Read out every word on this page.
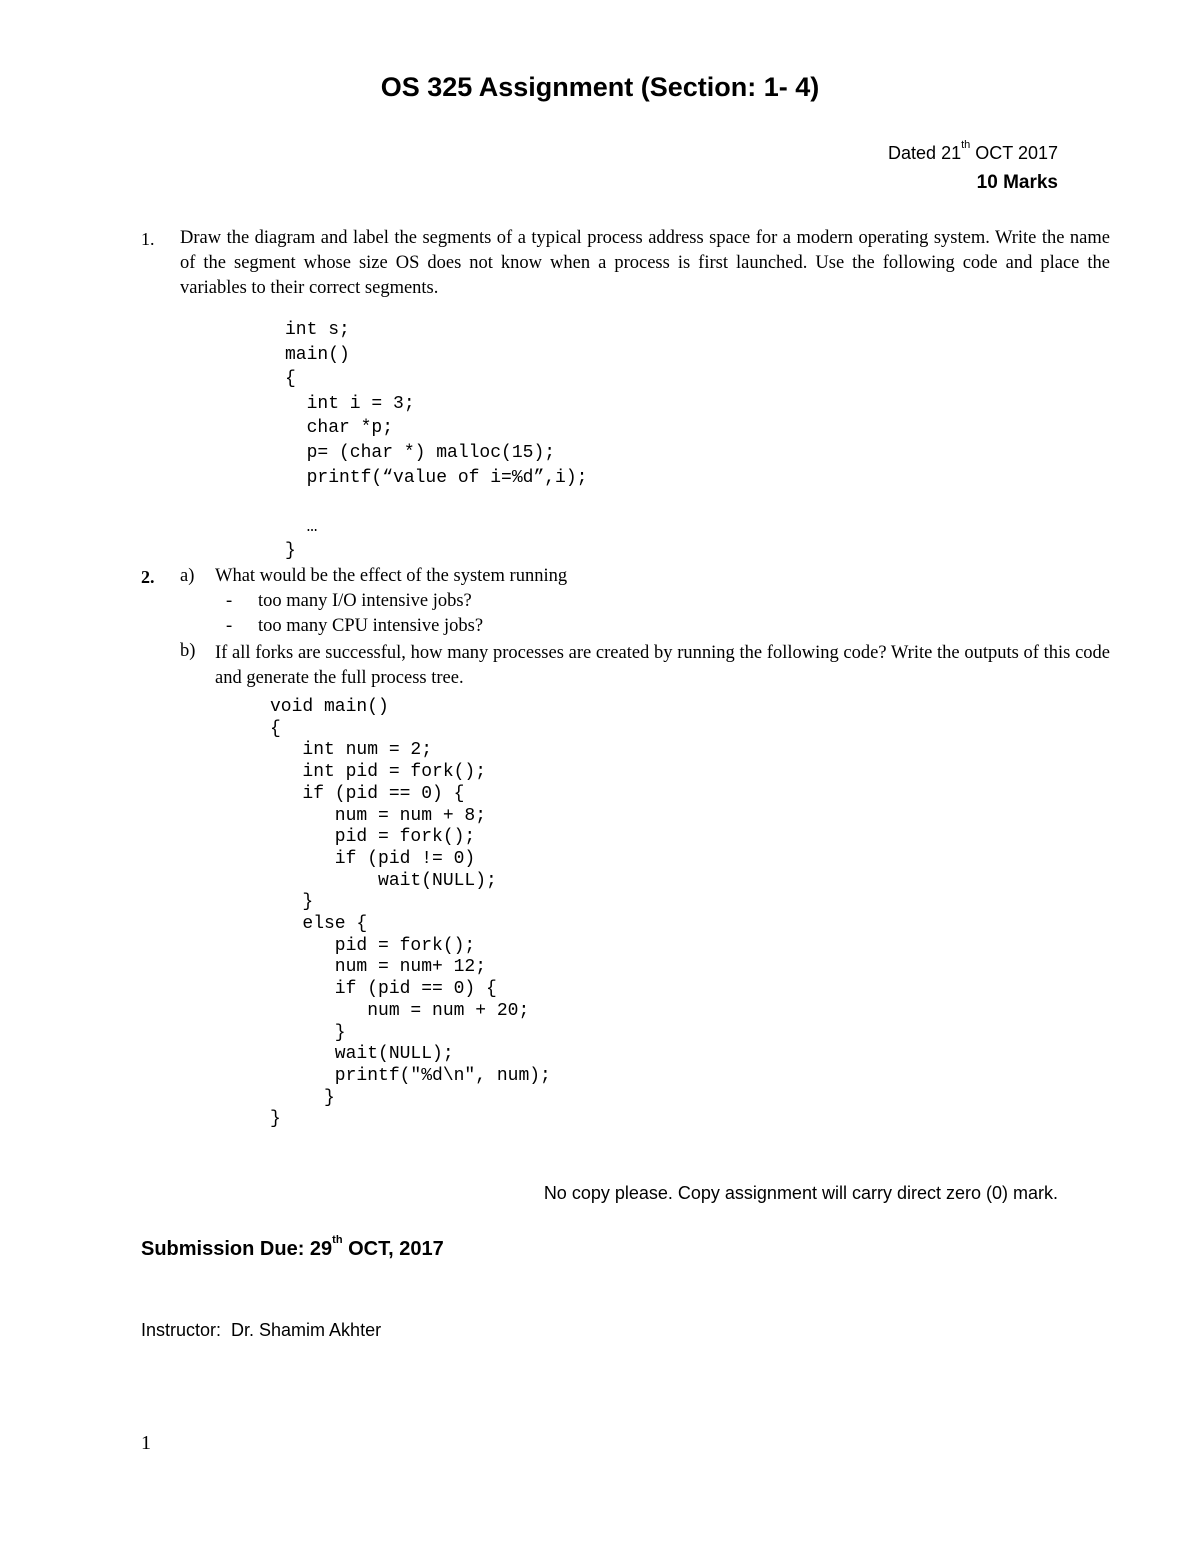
OS 325 Assignment (Section: 1- 4)
Dated 21th OCT 2017
10 Marks
1. Draw the diagram and label the segments of a typical process address space for a modern operating system. Write the name of the segment whose size OS does not know when a process is first launched. Use the following code and place the variables to their correct segments.
int s;
main()
{
int i = 3;
char *p;
p= (char *) malloc(15);
printf(“value of i=%d”,i);

…
}
2. a) What would be the effect of the system running
- too many I/O intensive jobs?
- too many CPU intensive jobs?
b) If all forks are successful, how many processes are created by running the following code? Write the outputs of this code and generate the full process tree.
void main()
{
int num = 2;
int pid = fork();
if (pid == 0) {
num = num + 8;
pid = fork();
if (pid != 0)
wait(NULL);
}
else {
pid = fork();
num = num+ 12;
if (pid == 0) {
num = num + 20;
}
wait(NULL);
printf("%d\n", num);
}
}
No copy please. Copy assignment will carry direct zero (0) mark.
Submission Due: 29th OCT, 2017
Instructor:  Dr. Shamim Akhter
1
